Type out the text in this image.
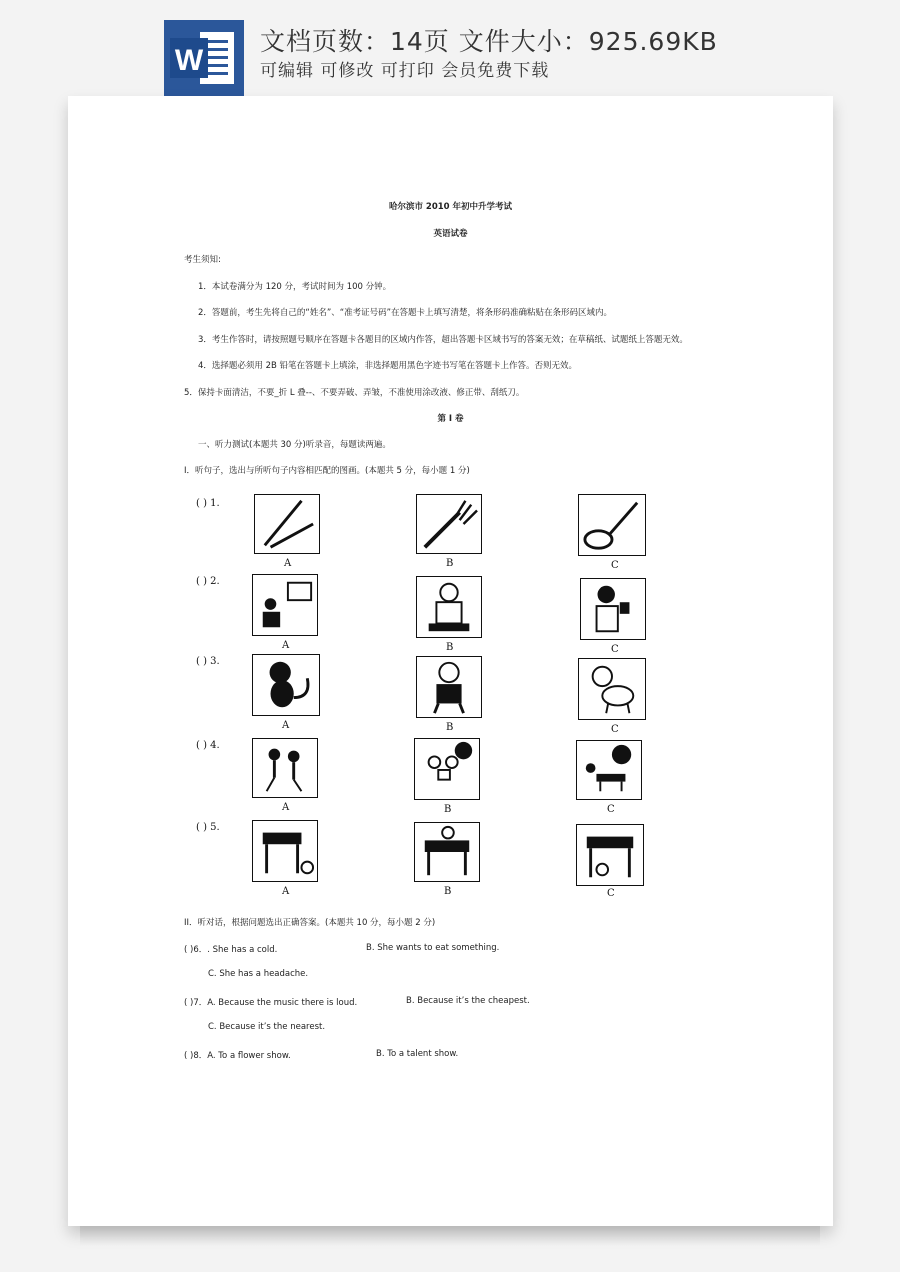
W
文档页数：14页 文件大小：925.69KB
可编辑 可修改 可打印 会员免费下载
哈尔滨市 2010 年初中升学考试
英语试卷
考生须知:
1．本试卷满分为 120 分，考试时间为 100 分钟。
2．答题前，考生先将自己的“姓名”、“准考证号码”在答题卡上填写清楚，将条形码准确粘贴在条形码区域内。
3．考生作答时，请按照题号顺序在答题卡各题目的区域内作答，超出答题卡区域书写的答案无效；在草稿纸、试题纸上答题无效。
4．选择题必须用 2B 铅笔在答题卡上填涂，非选择题用黑色字迹书写笔在答题卡上作答。否则无效。
5．保持卡面清洁，不要_折 L 叠--、不要弄破、弄皱，不准使用涂改液、修正带、刮纸刀。
第 I 卷
一、听力测试(本题共 30 分)听录音，每题读两遍。
I．听句子，选出与所听句子内容相匹配的图画。(本题共 5 分，每小题 1 分)
( ) 1.
A	B	C
( ) 2.
A	B	C
( ) 3.
A	B	C
( ) 4.
A	B	C
( ) 5.
A	B	C
II．听对话，根据问题选出正确答案。(本题共 10 分，每小题 2 分)
( )6．. She has a cold.	B. She wants to eat something.
C. She has a headache.
( )7．A. Because the music there is loud.	B. Because it’s the cheapest.
C. Because it’s the nearest.
( )8．A. To a flower show.	B. To a talent show.
